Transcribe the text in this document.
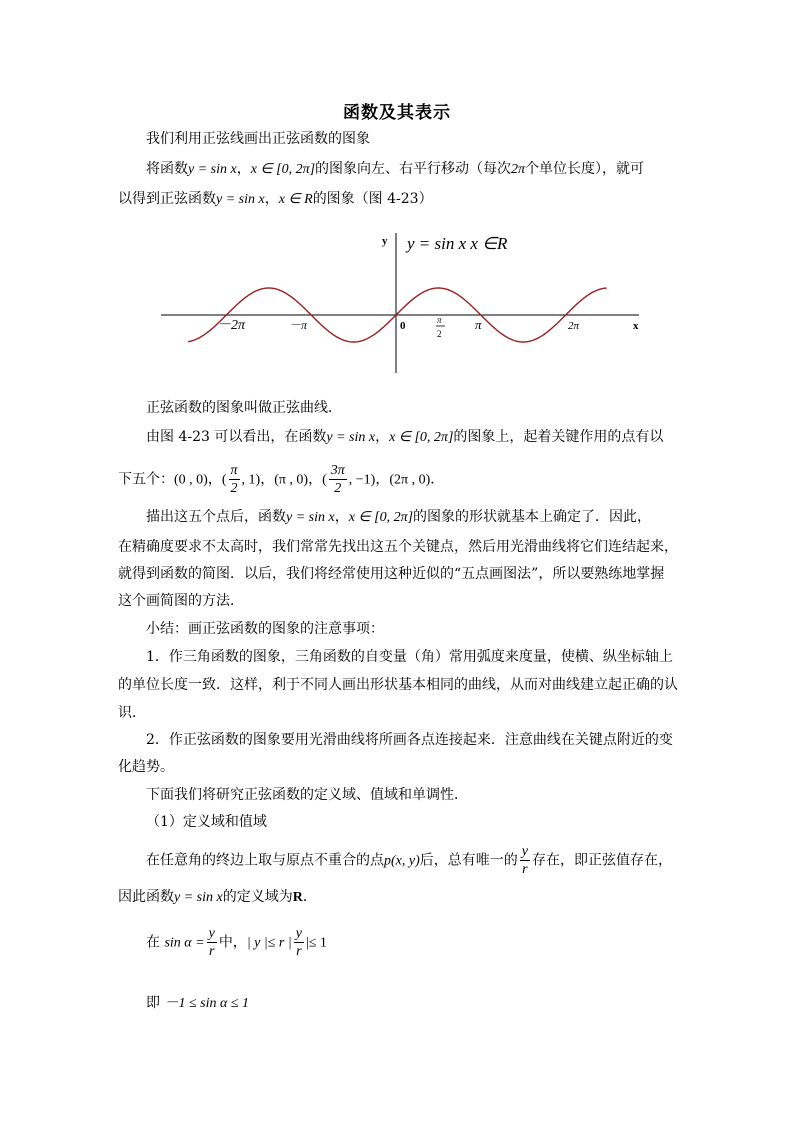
函数及其表示
我们利用正弦线画出正弦函数的图象
将函数y = sin x，x ∈ [0, 2π]的图象向左、右平行移动（每次2π个单位长度），就可
以得到正弦函数y = sin x，x ∈ R的图象（图 4-23）
y
x
y = sin x x ∈R
－2π	－π	0	π
2
π	2π
正弦函数的图象叫做正弦曲线．
由图 4-23 可以看出，在函数y = sin x，x ∈ [0, 2π]的图象上，起着关键作用的点有以
下五个：(0 , 0)，( $\frac{\pi}{2}$ , 1)，(π , 0)，( $\frac{3\pi}{2}$ , −1)，(2π , 0)．
描出这五个点后，函数y = sin x，x ∈ [0, 2π]的图象的形状就基本上确定了．因此，
在精确度要求不太高时，我们常常先找出这五个关键点，然后用光滑曲线将它们连结起来，
就得到函数的简图．以后，我们将经常使用这种近似的“五点画图法”，所以要熟练地掌握
这个画简图的方法．
小结：画正弦函数的图象的注意事项：
1．作三角函数的图象，三角函数的自变量（角）常用弧度来度量，使横、纵坐标轴上
的单位长度一致．这样，利于不同人画出形状基本相同的曲线，从而对曲线建立起正确的认
识．
2．作正弦函数的图象要用光滑曲线将所画各点连接起来．注意曲线在关键点附近的变
化趋势。
下面我们将研究正弦函数的定义域、值域和单调性．
（1）定义域和值域
在任意角的终边上取与原点不重合的点p(x, y)后，总有唯一的 $\frac{y}{r}$ 存在，即正弦值存在，
因此函数y = sin x的定义域为R．
在 $\sin \alpha = \frac{y}{r}$ 中，| y |≤ r | $\frac{y}{r}$ |≤ 1
即 －1 ≤ sin α ≤ 1
